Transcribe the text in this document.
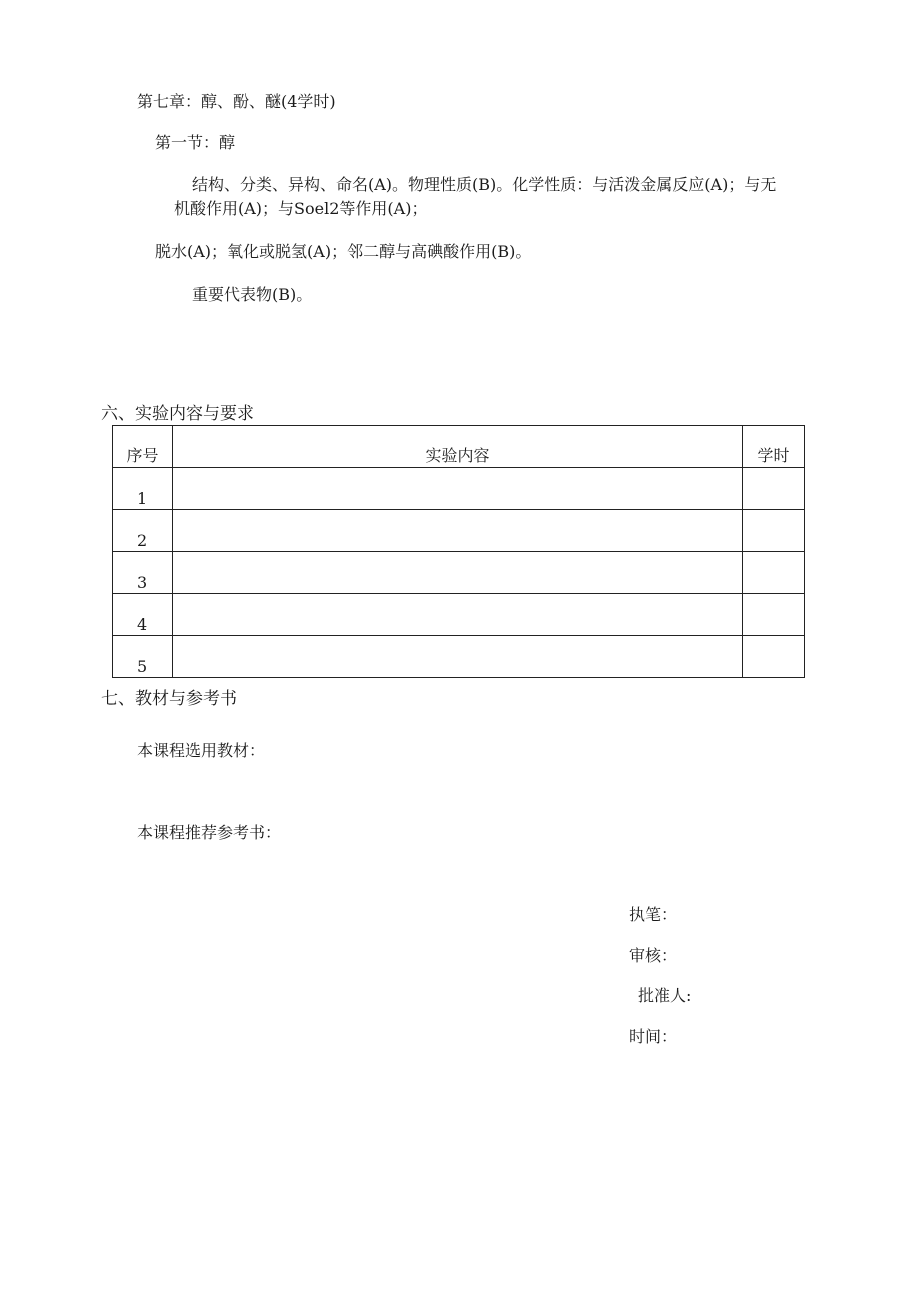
第七章：醇、酚、醚(4学时)
第一节：醇
结构、分类、异构、命名(A)。物理性质(B)。化学性质：与活泼金属反应(A)；与无
机酸作用(A)；与Soel2等作用(A)；
脱水(A)；氧化或脱氢(A)；邻二醇与高碘酸作用(B)。
重要代表物(B)。
六、实验内容与要求
序号	实验内容	学时
1		
2		
3		
4		
5		
七、教材与参考书
本课程选用教材：
本课程推荐参考书：
执笔：
审核：
批准人:
时间：
